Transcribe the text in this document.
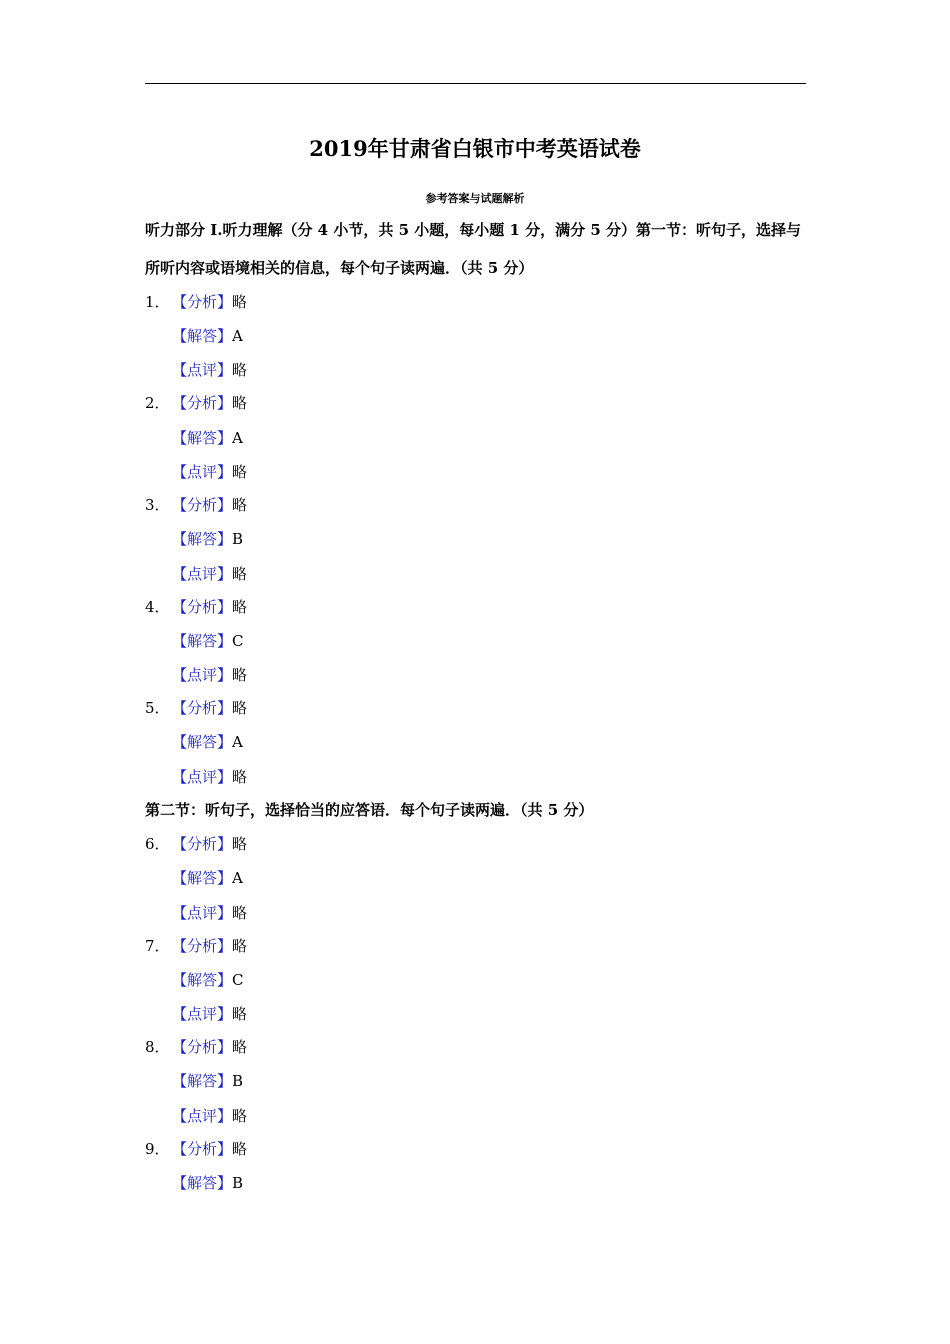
2019年甘肃省白银市中考英语试卷
参考答案与试题解析
听力部分 I.听力理解（分 4 小节，共 5 小题，每小题 1 分，满分 5 分）第一节：听句子，选择与
所听内容或语境相关的信息，每个句子读两遍．（共 5 分）
1． 【分析】略
【解答】A
【点评】略
2． 【分析】略
【解答】A
【点评】略
3． 【分析】略
【解答】B
【点评】略
4． 【分析】略
【解答】C
【点评】略
5． 【分析】略
【解答】A
【点评】略
第二节：听句子，选择恰当的应答语．每个句子读两遍．（共 5 分）
6． 【分析】略
【解答】A
【点评】略
7． 【分析】略
【解答】C
【点评】略
8． 【分析】略
【解答】B
【点评】略
9． 【分析】略
【解答】B
